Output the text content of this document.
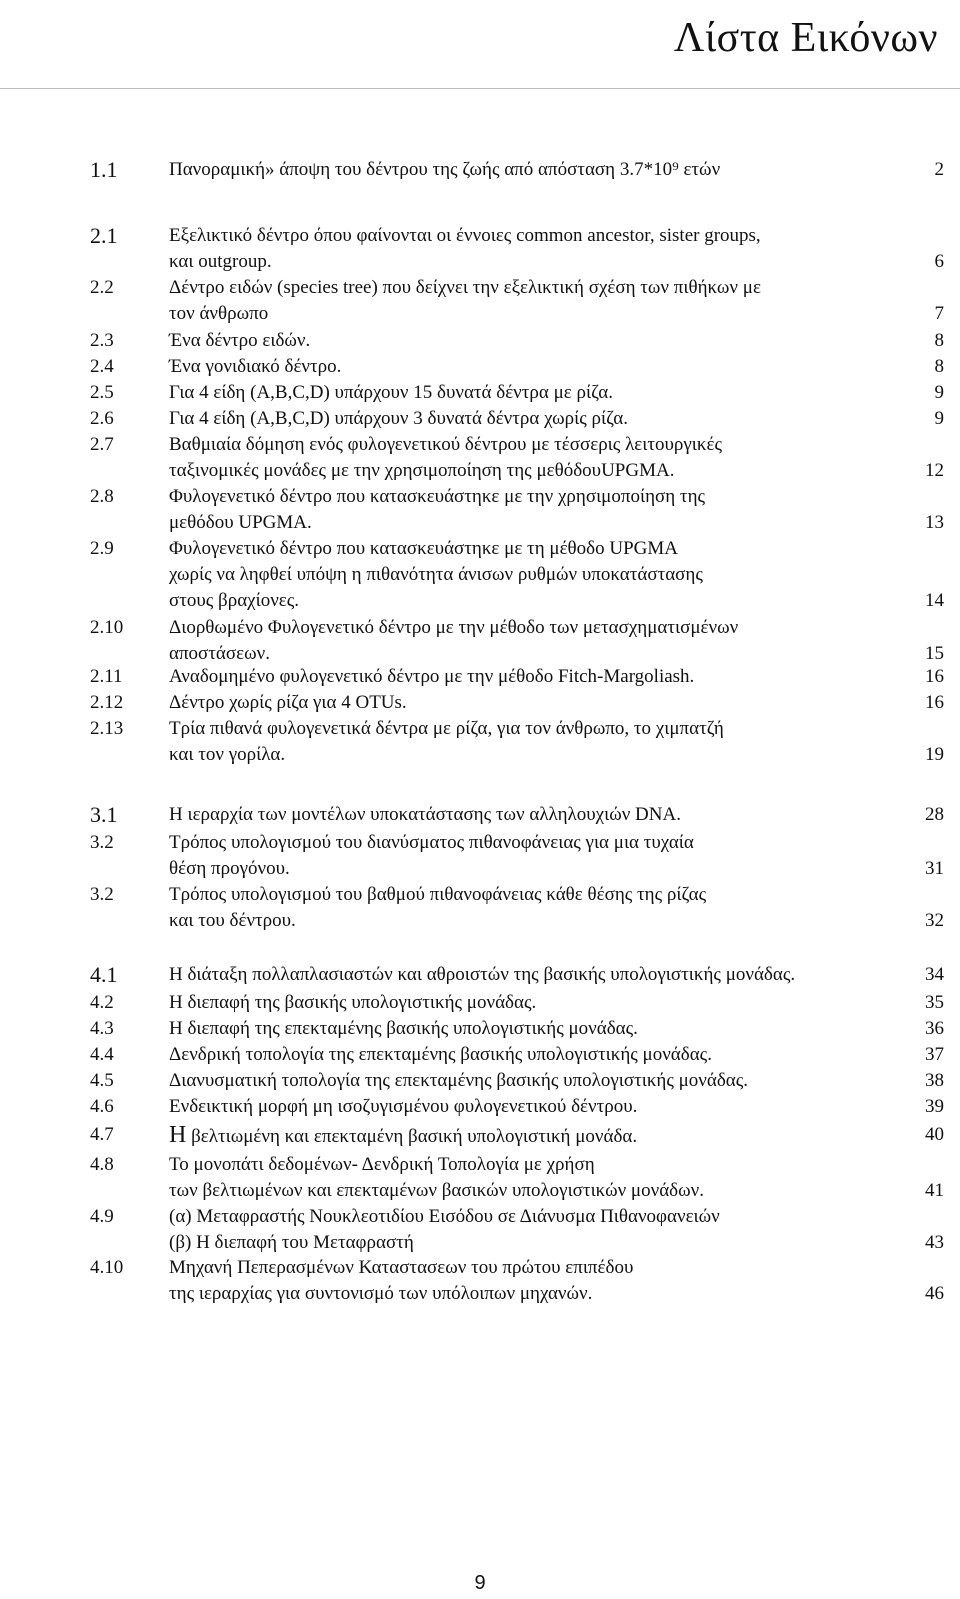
Λίστα Εικόνων
1.1	Πανοραμική» άποψη του δέντρου της ζωής από απόσταση 3.7*10⁹ ετών	2
2.1	Εξελικτικό δέντρο όπου φαίνονται οι έννοιες common ancestor, sister groups,
και outgroup.	6
2.2	Δέντρο ειδών (species tree) που δείχνει την εξελικτική σχέση των πιθήκων με
τον άνθρωπο	7
2.3	Ένα δέντρο ειδών.	8
2.4	Ένα γονιδιακό δέντρο.	8
2.5	Για 4 είδη (A,B,C,D) υπάρχουν 15 δυνατά δέντρα με ρίζα.	9
2.6	Για 4 είδη (A,B,C,D) υπάρχουν 3 δυνατά δέντρα χωρίς ρίζα.	9
2.7	Βαθμιαία δόμηση ενός φυλογενετικού δέντρου με τέσσερις λειτουργικές
ταξινομικές μονάδες με την χρησιμοποίηση της μεθόδουUPGMA.	12
2.8	Φυλογενετικό δέντρο που κατασκευάστηκε με την χρησιμοποίηση της
μεθόδου UPGMA.	13
2.9	Φυλογενετικό δέντρο που κατασκευάστηκε με τη μέθοδο UPGMA
χωρίς να ληφθεί υπόψη η πιθανότητα άνισων ρυθμών υποκατάστασης
στους βραχίονες.	14
2.10 Διορθωμένο Φυλογενετικό δέντρο με την μέθοδο των μετασχηματισμένων
αποστάσεων.	15
2.11 Αναδομημένο φυλογενετικό δέντρο με την μέθοδο Fitch-Margoliash.	16
2.12 Δέντρο χωρίς ρίζα για 4 OTUs.	16
2.13 Τρία πιθανά φυλογενετικά δέντρα με ρίζα, για τον άνθρωπο, το χιμπατζή
και τον γορίλα.	19
3.1	Η ιεραρχία των μοντέλων υποκατάστασης των αλληλουχιών DNA.	28
3.2	Τρόπος υπολογισμού του διανύσματος πιθανοφάνειας για μια τυχαία
θέση προγόνου.	31
3.2	Τρόπος υπολογισμού του βαθμού πιθανοφάνειας κάθε θέσης της ρίζας
και του δέντρου.	32
4.1	Η διάταξη πολλαπλασιαστών και αθροιστών της βασικής υπολογιστικής μονάδας.	34
4.2	Η διεπαφή της βασικής υπολογιστικής μονάδας.	35
4.3	Η διεπαφή της επεκταμένης βασικής υπολογιστικής μονάδας.	36
4.4	Δενδρική τοπολογία της επεκταμένης βασικής υπολογιστικής μονάδας.	37
4.5	Διανυσματική τοπολογία της επεκταμένης βασικής υπολογιστικής μονάδας.	38
4.6	Ενδεικτική μορφή μη ισοζυγισμένου φυλογενετικού δέντρου.	39
4.7 Η βελτιωμένη και επεκταμένη βασική υπολογιστική μονάδα.	40
4.8	Το μονοπάτι δεδομένων- Δενδρική Τοπολογία με χρήση
των βελτιωμένων και επεκταμένων βασικών υπολογιστικών μονάδων.	41
4.9	(α) Μεταφραστής Νουκλεοτιδίου Εισόδου σε Διάνυσμα Πιθανοφανειών
(β) Η διεπαφή του Μεταφραστή	43
4.10 Μηχανή Πεπερασμένων Καταστασεων του πρώτου επιπέδου
της ιεραρχίας για συντονισμό των υπόλοιπων μηχανών.	46
9
